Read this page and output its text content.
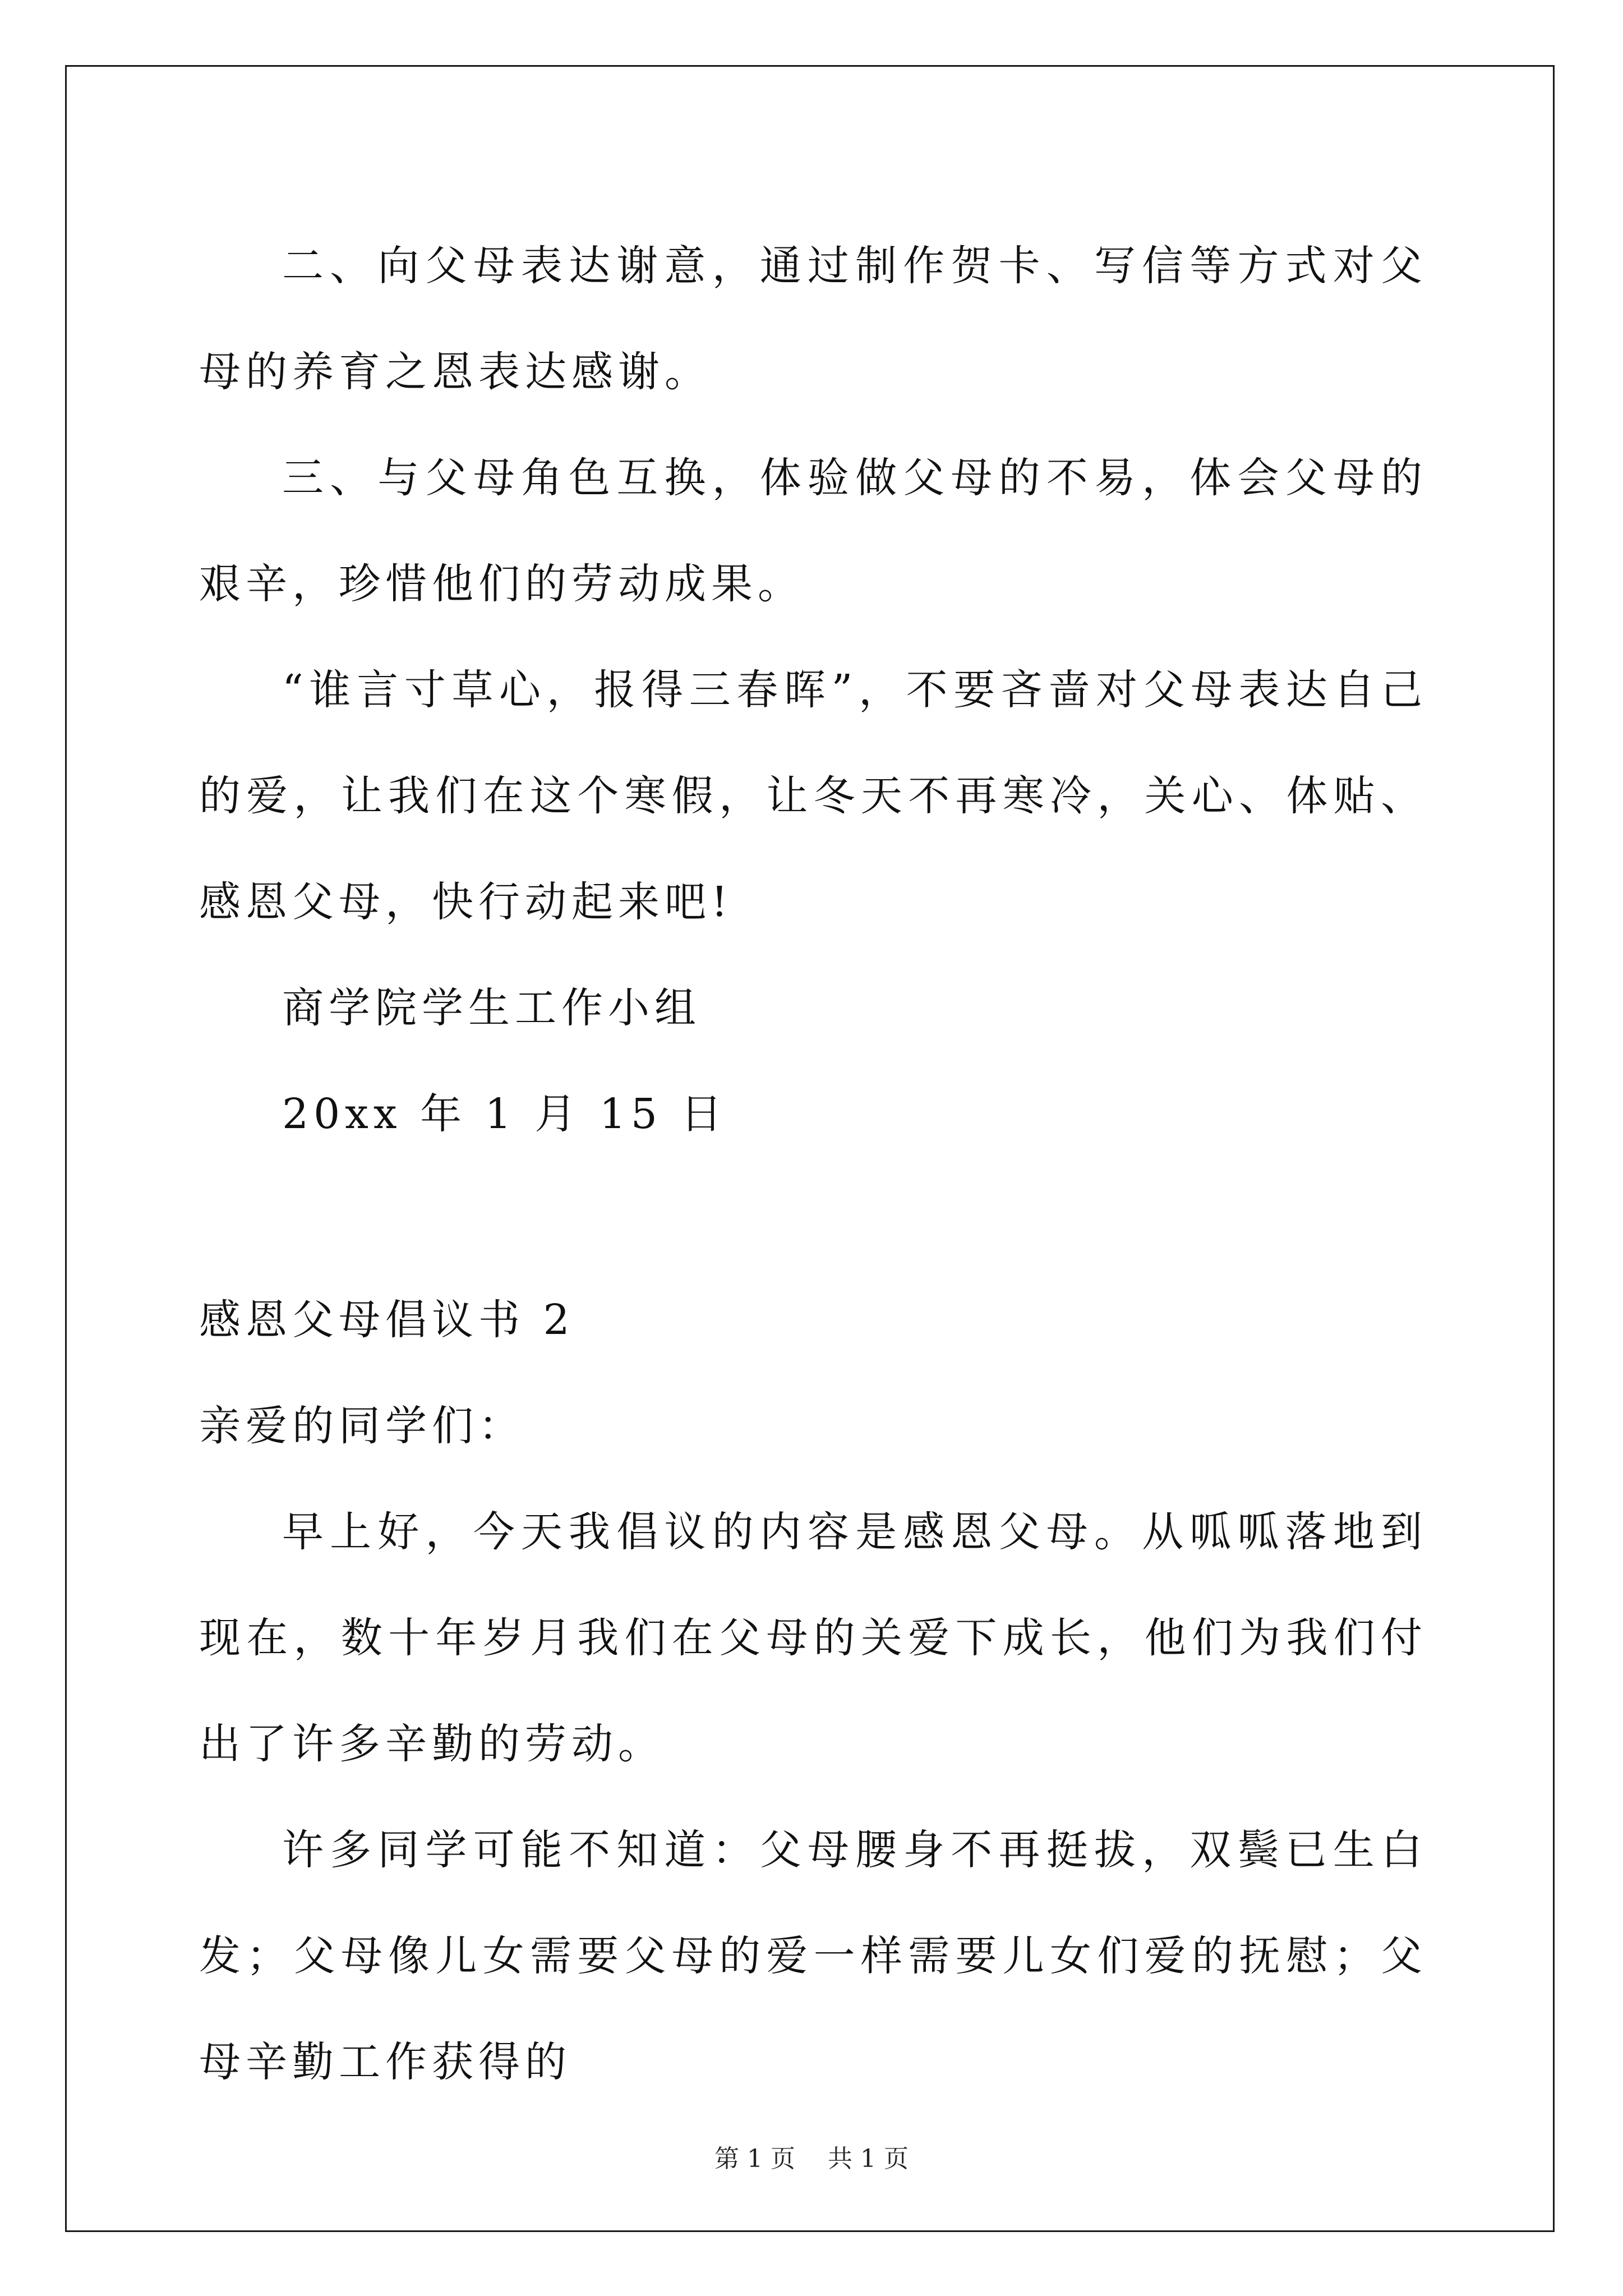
二、向父母表达谢意，通过制作贺卡、写信等方式对父母的养育之恩表达感谢。

三、与父母角色互换，体验做父母的不易，体会父母的艰辛，珍惜他们的劳动成果。

“谁言寸草心，报得三春晖”，不要吝啬对父母表达自己的爱，让我们在这个寒假，让冬天不再寒冷，关心、体贴、感恩父母，快行动起来吧!

商学院学生工作小组

20xx 年 1 月 15 日

感恩父母倡议书 2

亲爱的同学们：

早上好，今天我倡议的内容是感恩父母。从呱呱落地到现在，数十年岁月我们在父母的关爱下成长，他们为我们付出了许多辛勤的劳动。

许多同学可能不知道：父母腰身不再挺拔，双鬓已生白发；父母像儿女需要父母的爱一样需要儿女们爱的抚慰；父母辛勤工作获得的

第 1 页 共 1 页
